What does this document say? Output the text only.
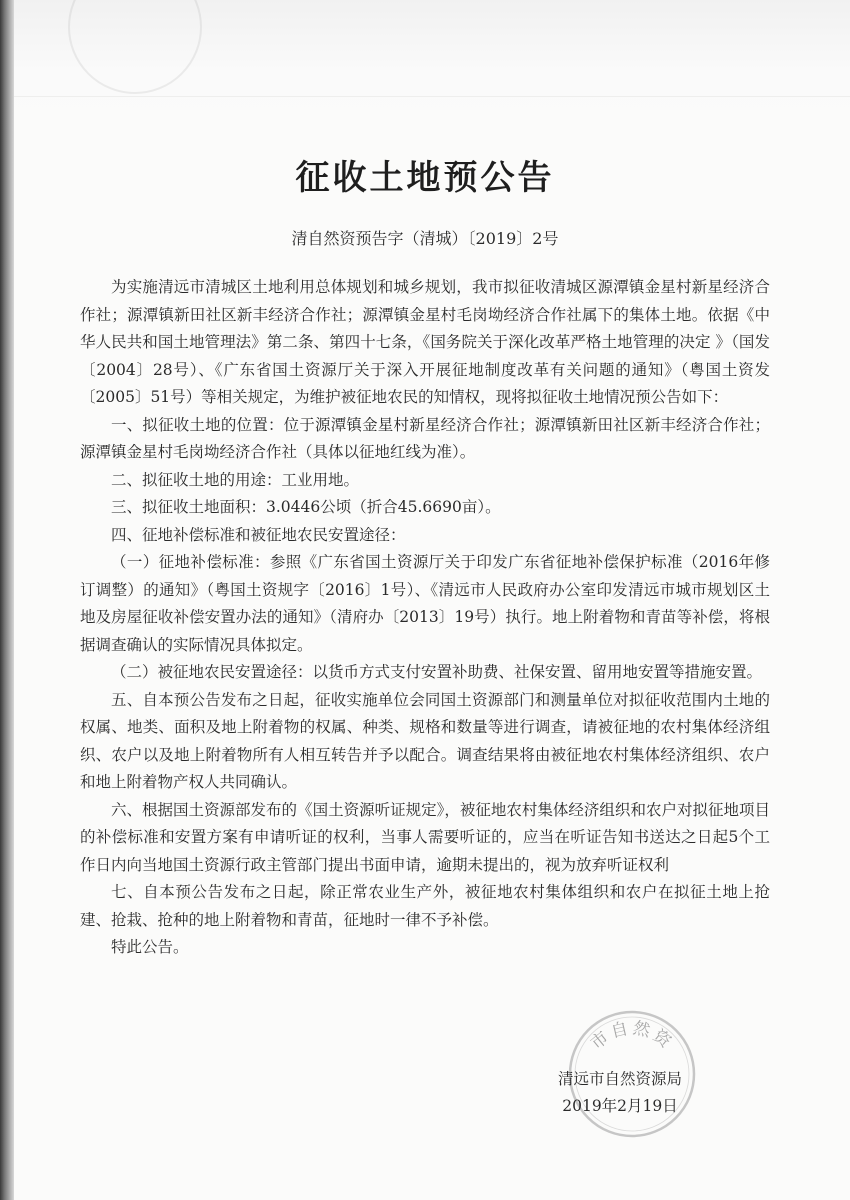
征收土地预公告
清自然资预告字（清城）〔2019〕2号

为实施清远市清城区土地利用总体规划和城乡规划，我市拟征收清城区源潭镇金星村新星经济合作社；源潭镇新田社区新丰经济合作社；源潭镇金星村毛岗坳经济合作社属下的集体土地。依据《中华人民共和国土地管理法》第二条、第四十七条，《国务院关于深化改革严格土地管理的决定 》（国发〔2004〕28号）、《广东省国土资源厅关于深入开展征地制度改革有关问题的通知》（粤国土资发〔2005〕51号）等相关规定，为维护被征地农民的知情权，现将拟征收土地情况预公告如下：

一、拟征收土地的位置：位于源潭镇金星村新星经济合作社；源潭镇新田社区新丰经济合作社；源潭镇金星村毛岗坳经济合作社（具体以征地红线为准）。

二、拟征收土地的用途：工业用地。

三、拟征收土地面积：3.0446公顷（折合45.6690亩）。

四、征地补偿标准和被征地农民安置途径：

（一）征地补偿标准：参照《广东省国土资源厅关于印发广东省征地补偿保护标准（2016年修订调整）的通知》（粤国土资规字〔2016〕1号）、《清远市人民政府办公室印发清远市城市规划区土地及房屋征收补偿安置办法的通知》（清府办〔2013〕19号）执行。地上附着物和青苗等补偿，将根据调查确认的实际情况具体拟定。

（二）被征地农民安置途径：以货币方式支付安置补助费、社保安置、留用地安置等措施安置。

五、自本预公告发布之日起，征收实施单位会同国土资源部门和测量单位对拟征收范围内土地的权属、地类、面积及地上附着物的权属、种类、规格和数量等进行调查，请被征地的农村集体经济组织、农户以及地上附着物所有人相互转告并予以配合。调查结果将由被征地农村集体经济组织、农户和地上附着物产权人共同确认。

六、根据国土资源部发布的《国土资源听证规定》，被征地农村集体经济组织和农户对拟征地项目的补偿标准和安置方案有申请听证的权利，当事人需要听证的，应当在听证告知书送达之日起5个工作日内向当地国土资源行政主管部门提出书面申请，逾期未提出的，视为放弃听证权利

七、自本预公告发布之日起，除正常农业生产外，被征地农村集体组织和农户在拟征土地上抢建、抢栽、抢种的地上附着物和青苗，征地时一律不予补偿。

特此公告。

市自然资
清远市自然资源局
2019年2月19日
